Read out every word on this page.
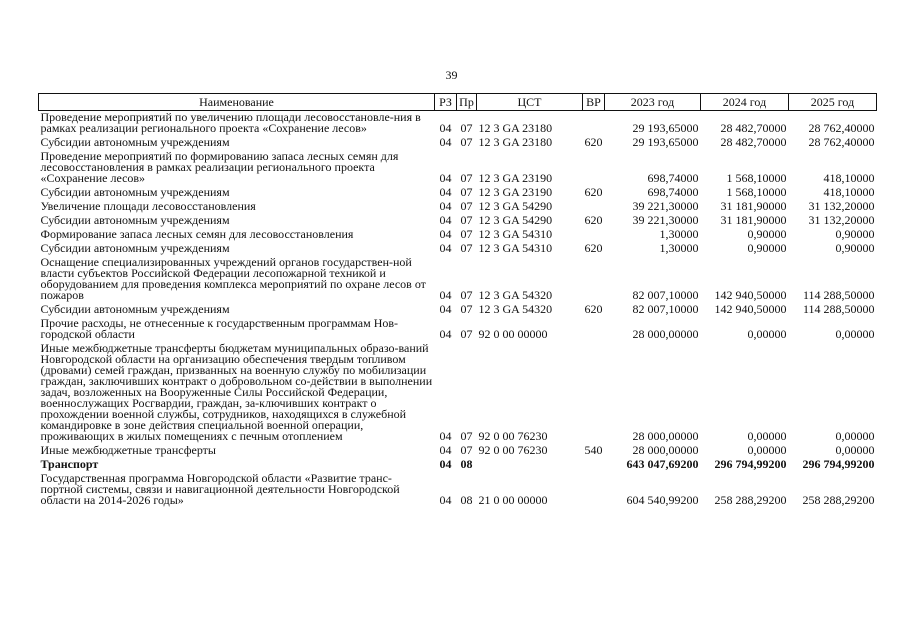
39
Наименование	РЗ	Пр	ЦСТ	ВР	2023 год	2024 год	2025 год
Проведение мероприятий по увеличению площади лесовосстановле-ния в рамках реализации регионального проекта «Сохранение лесов»	04	07	12 3 GA 23180		29 193,65000	28 482,70000	28 762,40000
Субсидии автономным учреждениям	04	07	12 3 GA 23180	620	29 193,65000	28 482,70000	28 762,40000
Проведение мероприятий по формированию запаса лесных семян для лесовосстановления в рамках реализации регионального проекта «Сохранение лесов»	04	07	12 3 GA 23190		698,74000	1 568,10000	418,10000
Субсидии автономным учреждениям	04	07	12 3 GA 23190	620	698,74000	1 568,10000	418,10000
Увеличение площади лесовосстановления	04	07	12 3 GA 54290		39 221,30000	31 181,90000	31 132,20000
Субсидии автономным учреждениям	04	07	12 3 GA 54290	620	39 221,30000	31 181,90000	31 132,20000
Формирование запаса лесных семян для лесовосстановления	04	07	12 3 GA 54310		1,30000	0,90000	0,90000
Субсидии автономным учреждениям	04	07	12 3 GA 54310	620	1,30000	0,90000	0,90000
Оснащение специализированных учреждений органов государствен-ной власти субъектов Российской Федерации лесопожарной техникой и оборудованием для проведения комплекса мероприятий по охране лесов от пожаров	04	07	12 3 GA 54320		82 007,10000	142 940,50000	114 288,50000
Субсидии автономным учреждениям	04	07	12 3 GA 54320	620	82 007,10000	142 940,50000	114 288,50000
Прочие расходы, не отнесенные к государственным программам Нов-городской области	04	07	92 0 00 00000		28 000,00000	0,00000	0,00000
Иные межбюджетные трансферты бюджетам муниципальных образо-ваний Новгородской области на организацию обеспечения твердым топливом (дровами) семей граждан, призванных на военную службу по мобилизации граждан, заключивших контракт о добровольном со-действии в выполнении задач, возложенных на Вооруженные Силы Российской Федерации, военнослужащих Росгвардии, граждан, за-ключивших контракт о прохождении военной службы, сотрудников, находящихся в служебной командировке в зоне действия специальной военной операции, проживающих в жилых помещениях с печным отоплением	04	07	92 0 00 76230		28 000,00000	0,00000	0,00000
Иные межбюджетные трансферты	04	07	92 0 00 76230	540	28 000,00000	0,00000	0,00000
Транспорт	04	08			643 047,69200	296 794,99200	296 794,99200
Государственная программа Новгородской области «Развитие транс-портной системы, связи и навигационной деятельности Новгородской области на 2014-2026 годы»	04	08	21 0 00 00000		604 540,99200	258 288,29200	258 288,29200
